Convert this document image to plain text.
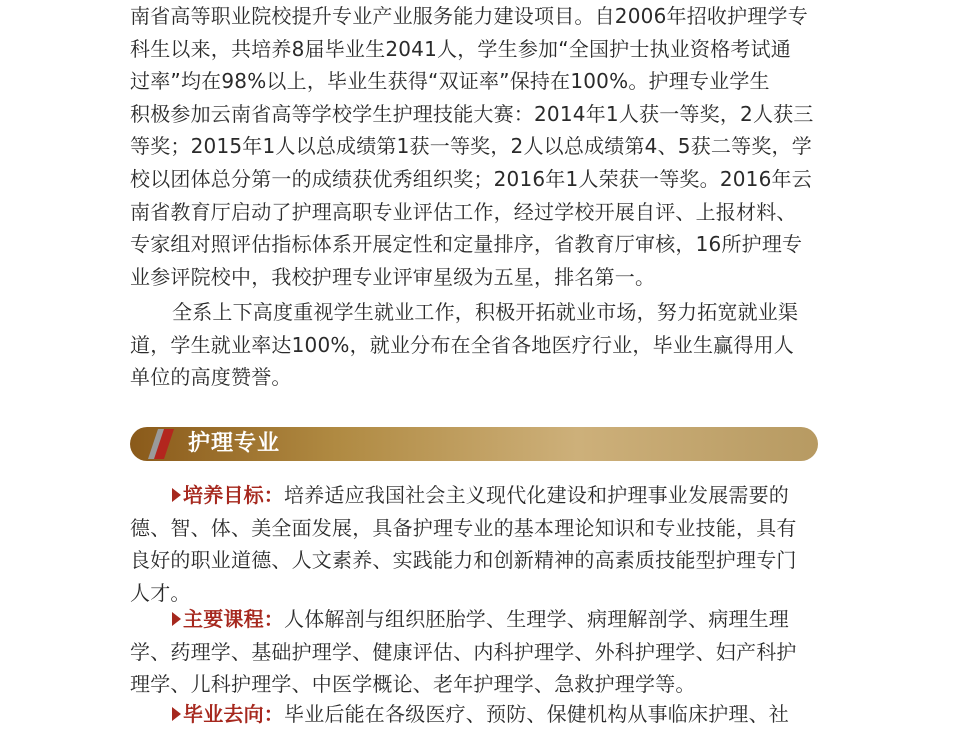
南省高等职业院校提升专业产业服务能力建设项目。自2006年招收护理学专
科生以来，共培养8届毕业生2041人，学生参加“全国护士执业资格考试通
过率”均在98%以上，毕业生获得“双证率”保持在100%。护理专业学生
积极参加云南省高等学校学生护理技能大赛：2014年1人获一等奖，2人获三
等奖；2015年1人以总成绩第1获一等奖，2人以总成绩第4、5获二等奖，学
校以团体总分第一的成绩获优秀组织奖；2016年1人荣获一等奖。2016年云
南省教育厅启动了护理高职专业评估工作，经过学校开展自评、上报材料、
专家组对照评估指标体系开展定性和定量排序，省教育厅审核，16所护理专
业参评院校中，我校护理专业评审星级为五星，排名第一。

全系上下高度重视学生就业工作，积极开拓就业市场，努力拓宽就业渠
道，学生就业率达100%，就业分布在全省各地医疗行业，毕业生赢得用人
单位的高度赞誉。

护理专业

培养目标：培养适应我国社会主义现代化建设和护理事业发展需要的
德、智、体、美全面发展，具备护理专业的基本理论知识和专业技能，具有
良好的职业道德、人文素养、实践能力和创新精神的高素质技能型护理专门
人才。

主要课程：人体解剖与组织胚胎学、生理学、病理解剖学、病理生理
学、药理学、基础护理学、健康评估、内科护理学、外科护理学、妇产科护
理学、儿科护理学、中医学概论、老年护理学、急救护理学等。

毕业去向：毕业后能在各级医疗、预防、保健机构从事临床护理、社
